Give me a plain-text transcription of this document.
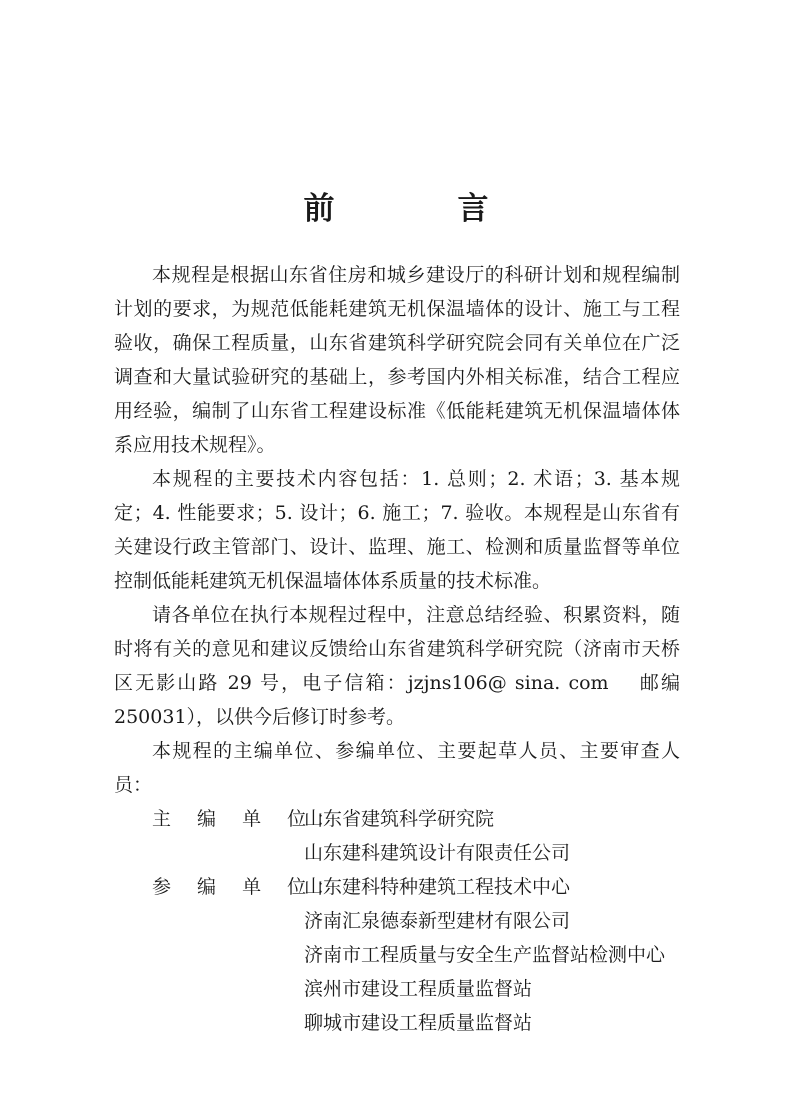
前　言

本规程是根据山东省住房和城乡建设厅的科研计划和规程编制计划的要求，为规范低能耗建筑无机保温墙体的设计、施工与工程验收，确保工程质量，山东省建筑科学研究院会同有关单位在广泛调查和大量试验研究的基础上，参考国内外相关标准，结合工程应用经验，编制了山东省工程建设标准《低能耗建筑无机保温墙体体系应用技术规程》。

本规程的主要技术内容包括：1. 总则；2. 术语；3. 基本规定；4. 性能要求；5. 设计；6. 施工；7. 验收。本规程是山东省有关建设行政主管部门、设计、监理、施工、检测和质量监督等单位控制低能耗建筑无机保温墙体体系质量的技术标准。

请各单位在执行本规程过程中，注意总结经验、积累资料，随时将有关的意见和建议反馈给山东省建筑科学研究院（济南市天桥区无影山路 29 号，电子信箱：jzjns106@ sina. com　 邮编 250031），以供今后修订时参考。

本规程的主编单位、参编单位、主要起草人员、主要审查人员：

主 编 单 位：
山东省建筑科学研究院
山东建科建筑设计有限责任公司
参 编 单 位：
山东建科特种建筑工程技术中心
济南汇泉德泰新型建材有限公司
济南市工程质量与安全生产监督站检测中心
滨州市建设工程质量监督站
聊城市建设工程质量监督站
